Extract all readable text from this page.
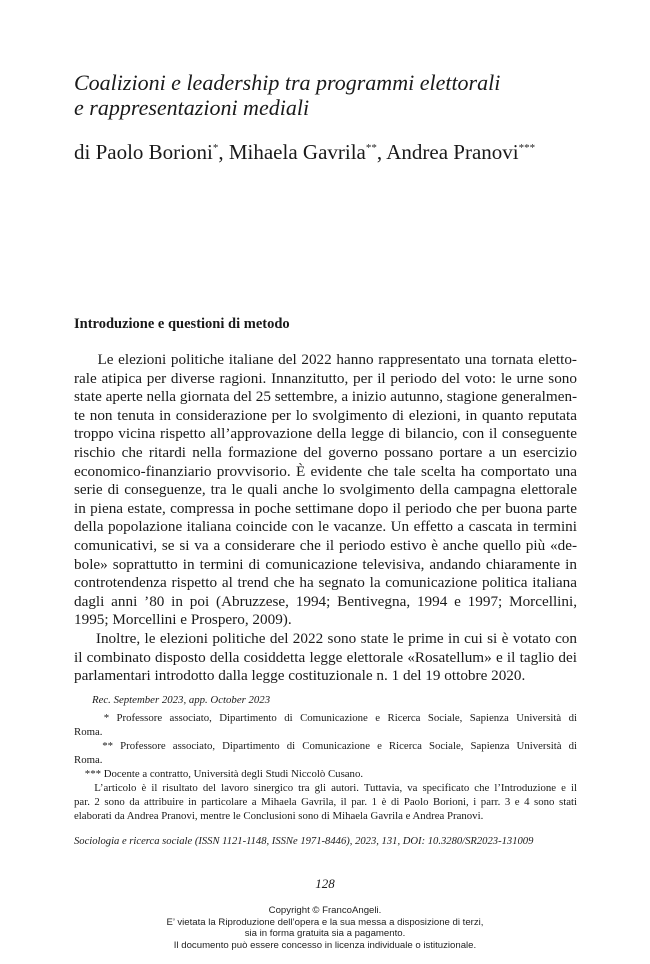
Coalizioni e leadership tra programmi elettorali
e rappresentazioni mediali
di Paolo Borioni*, Mihaela Gavrila**, Andrea Pranovi***
Introduzione e questioni di metodo
Le elezioni politiche italiane del 2022 hanno rappresentato una tornata eletto-
rale atipica per diverse ragioni. Innanzitutto, per il periodo del voto: le urne sono
state aperte nella giornata del 25 settembre, a inizio autunno, stagione generalmen-
te non tenuta in considerazione per lo svolgimento di elezioni, in quanto reputata
troppo vicina rispetto all’approvazione della legge di bilancio, con il conseguente
rischio che ritardi nella formazione del governo possano portare a un esercizio
economico-finanziario provvisorio. È evidente che tale scelta ha comportato una
serie di conseguenze, tra le quali anche lo svolgimento della campagna elettorale
in piena estate, compressa in poche settimane dopo il periodo che per buona parte
della popolazione italiana coincide con le vacanze. Un effetto a cascata in termini
comunicativi, se si va a considerare che il periodo estivo è anche quello più «de-
bole» soprattutto in termini di comunicazione televisiva, andando chiaramente in
controtendenza rispetto al trend che ha segnato la comunicazione politica italiana
dagli anni ’80 in poi (Abruzzese, 1994; Bentivegna, 1994 e 1997; Morcellini,
1995; Morcellini e Prospero, 2009).
Inoltre, le elezioni politiche del 2022 sono state le prime in cui si è votato con
il combinato disposto della cosiddetta legge elettorale «Rosatellum» e il taglio dei
parlamentari introdotto dalla legge costituzionale n. 1 del 19 ottobre 2020.
Rec. September 2023, app. October 2023
* Professore associato, Dipartimento di Comunicazione e Ricerca Sociale, Sapienza Università di
Roma.
** Professore associato, Dipartimento di Comunicazione e Ricerca Sociale, Sapienza Università di
Roma.
*** Docente a contratto, Università degli Studi Niccolò Cusano.
L’articolo è il risultato del lavoro sinergico tra gli autori. Tuttavia, va specificato che l’Introduzione e il
par. 2 sono da attribuire in particolare a Mihaela Gavrila, il par. 1 è di Paolo Borioni, i parr. 3 e 4 sono stati
elaborati da Andrea Pranovi, mentre le Conclusioni sono di Mihaela Gavrila e Andrea Pranovi.
Sociologia e ricerca sociale (ISSN 1121-1148, ISSNe 1971-8446), 2023, 131, DOI: 10.3280/SR2023-131009
128
Copyright © FrancoAngeli.
E’ vietata la Riproduzione dell’opera e la sua messa a disposizione di terzi,
sia in forma gratuita sia a pagamento.
Il documento può essere concesso in licenza individuale o istituzionale.
